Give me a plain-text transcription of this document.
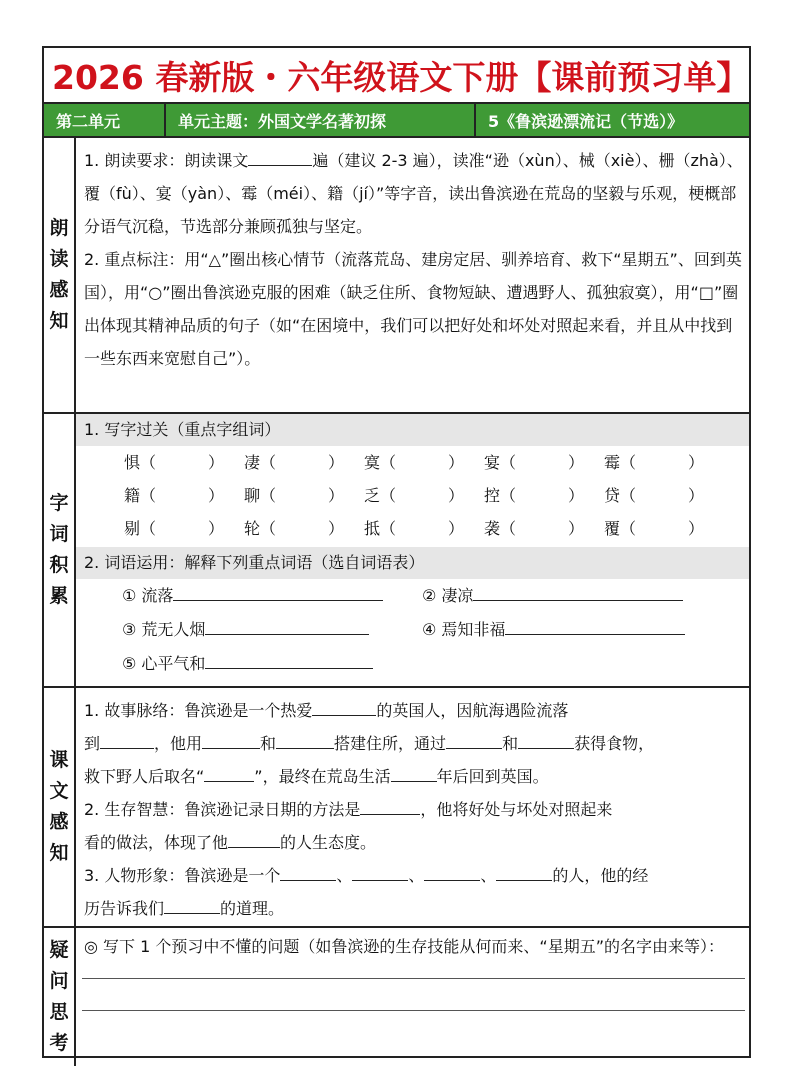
2026 春新版・六年级语文下册【课前预习单】
第二单元	单元主题：外国文学名著初探	5《鲁滨逊漂流记（节选）》
朗
读
感
知
1. 朗读要求：朗读课文	遍（建议 2-3 遍），读准“逊（xùn）、械（xiè）、栅（zhà）、覆（fù）、宴（yàn）、霉（méi）、籍（jí）”等字音，读出鲁滨逊在荒岛的坚毅与乐观，梗概部分语气沉稳，节选部分兼顾孤独与坚定。
2. 重点标注：用“△”圈出核心情节（流落荒岛、建房定居、驯养培育、救下“星期五”、回到英国），用“○”圈出鲁滨逊克服的困难（缺乏住所、食物短缺、遭遇野人、孤独寂寞），用“□”圈出体现其精神品质的句子（如“在困境中，我们可以把好处和坏处对照起来看，并且从中找到一些东西来宽慰自己”）。
字
词
积
累
1. 写字过关（重点字组词）
惧（	）	凄（	）	寞（	）	宴（	）	霉（	）
籍（	）	聊（	）	乏（	）	控（	）	贷（	）
剔（	）	轮（	）	抵（	）	袭（	）	覆（	）
2. 词语运用：解释下列重点词语（选自词语表）
① 流落	② 凄凉
③ 荒无人烟	④ 焉知非福
⑤ 心平气和
课
文
感
知
1. 故事脉络：鲁滨逊是一个热爱	的英国人，因航海遇险流落
到	，他用	和	搭建住所，通过	和	获得食物，
救下野人后取名“	”，最终在荒岛生活	年后回到英国。
2. 生存智慧：鲁滨逊记录日期的方法是	，他将好处与坏处对照起来
看的做法，体现了他	的人生态度。
3. 人物形象：鲁滨逊是一个	、	、	、	的人，他的经
历告诉我们	的道理。
疑
问
思
考
◎ 写下 1 个预习中不懂的问题（如鲁滨逊的生存技能从何而来、“星期五”的名字由来等）：
